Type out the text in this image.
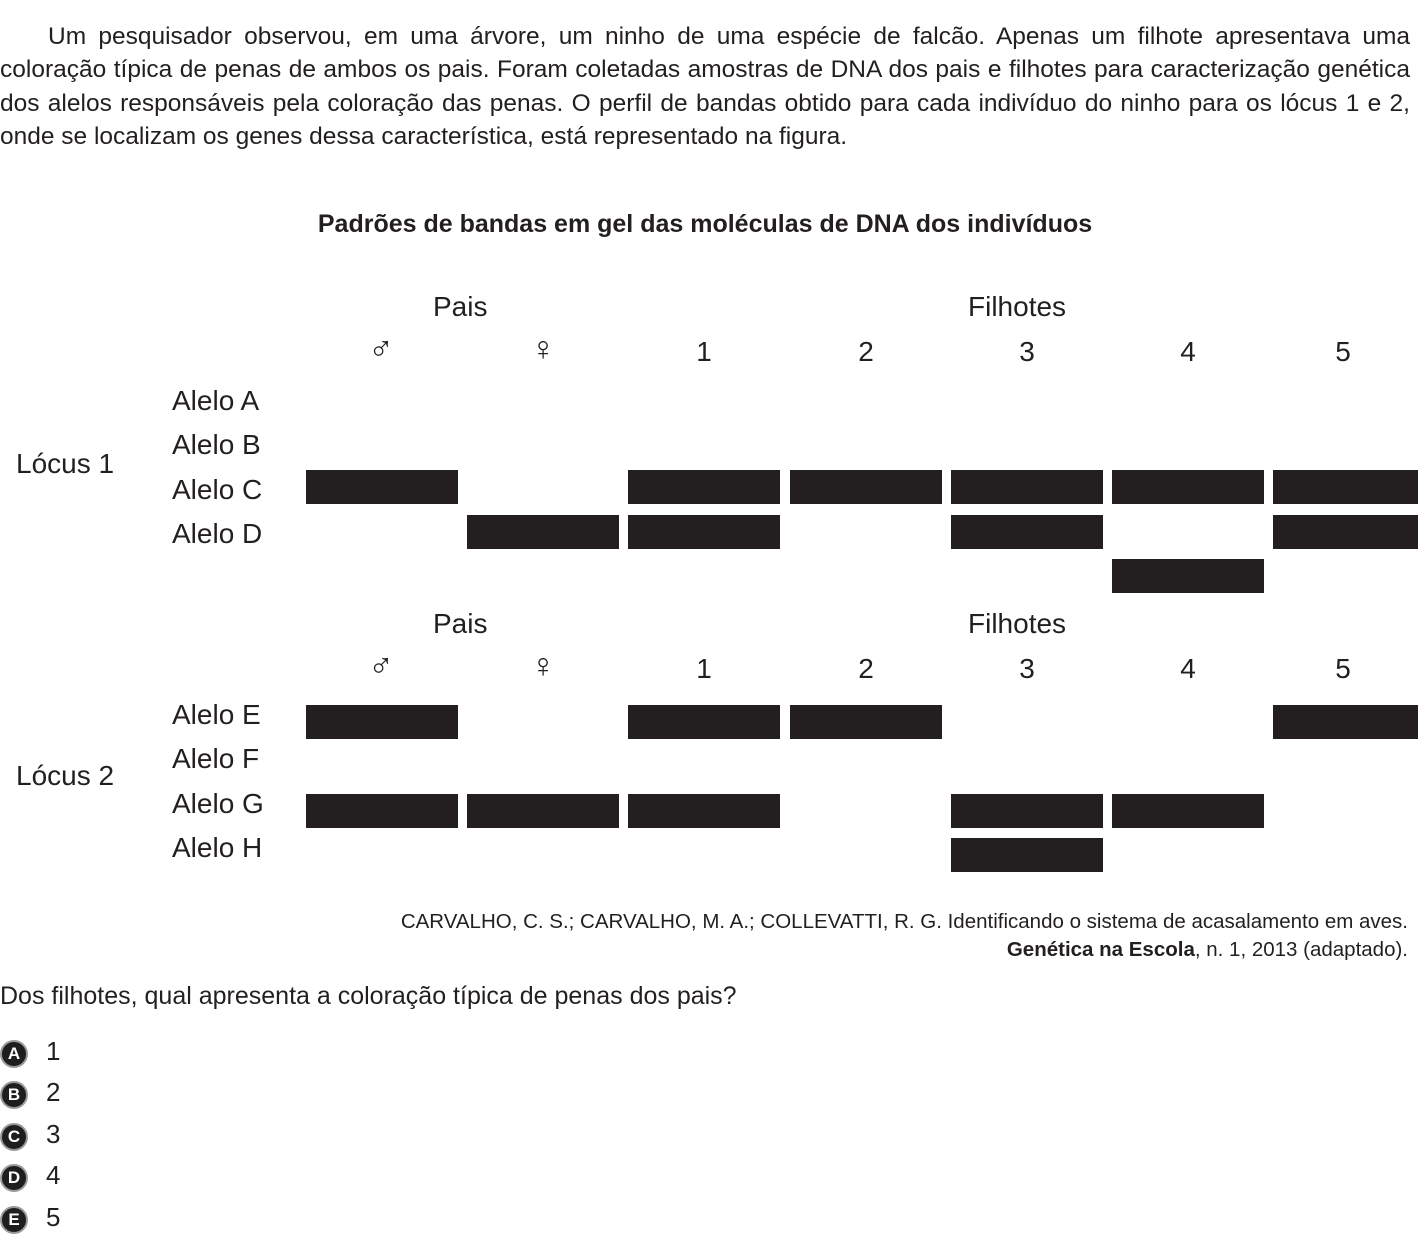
Um pesquisador observou, em uma árvore, um ninho de uma espécie de falcão. Apenas um filhote apresentava uma coloração típica de penas de ambos os pais. Foram coletadas amostras de DNA dos pais e filhotes para caracterização genética dos alelos responsáveis pela coloração das penas. O perfil de bandas obtido para cada indivíduo do ninho para os lócus 1 e 2, onde se localizam os genes dessa característica, está representado na figura.

Padrões de bandas em gel das moléculas de DNA dos indivíduos
Pais	Filhotes
♂	♀	1	2	3	4	5
Lócus 1
Alelo A
Alelo B
Alelo C
Alelo D
Pais	Filhotes
♂	♀	1	2	3	4	5
Lócus 2
Alelo E
Alelo F
Alelo G
Alelo H
CARVALHO, C. S.; CARVALHO, M. A.; COLLEVATTI, R. G. Identificando o sistema de acasalamento em aves.
Genética na Escola, n. 1, 2013 (adaptado).
Dos filhotes, qual apresenta a coloração típica de penas dos pais?
A 1
B 2
C 3
D 4
E	5
